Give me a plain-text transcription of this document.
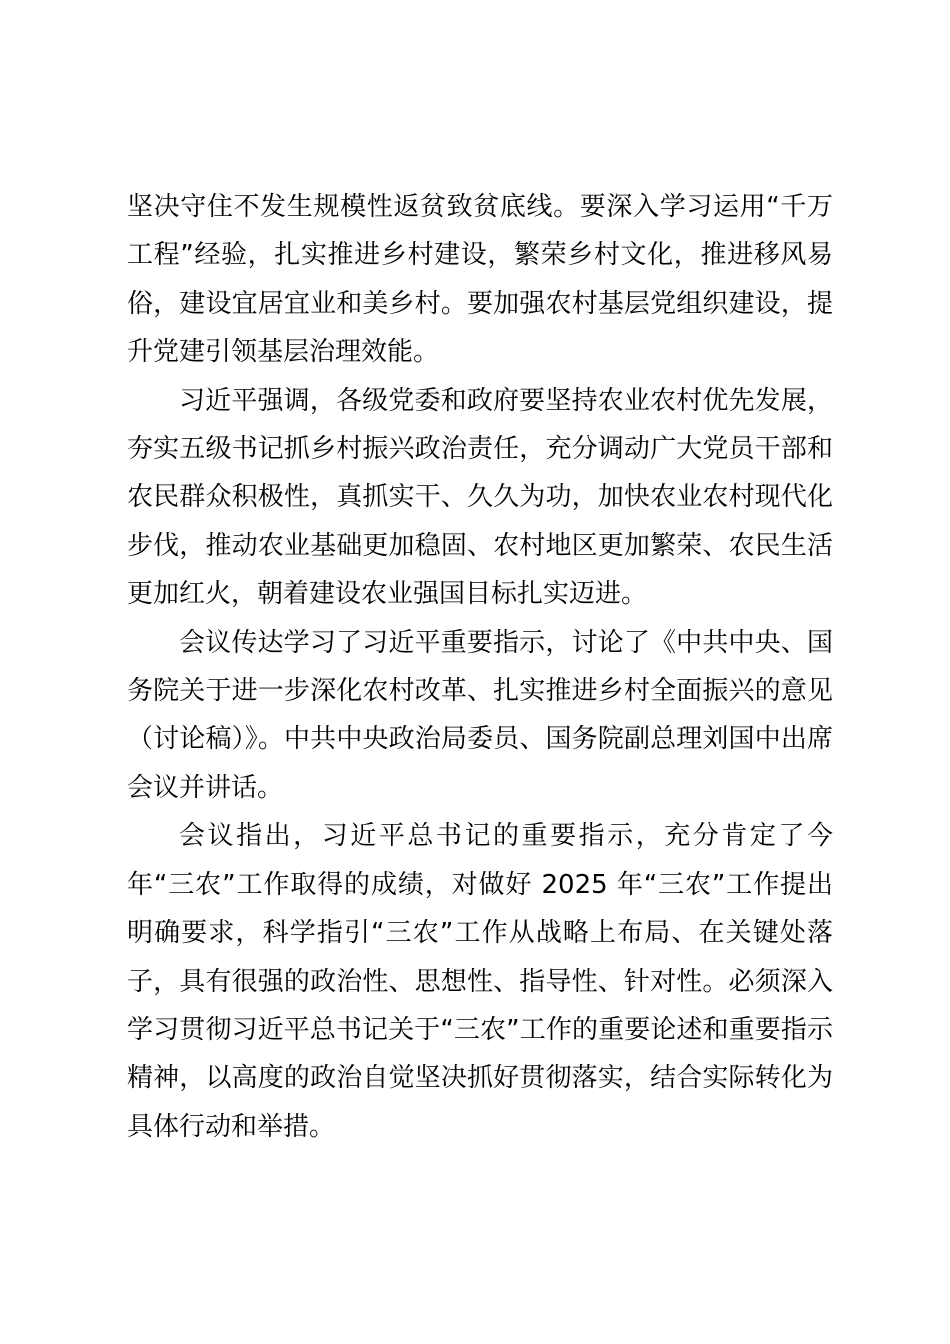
坚决守住不发生规模性返贫致贫底线。要深入学习运用“千万工程”经验，扎实推进乡村建设，繁荣乡村文化，推进移风易俗，建设宜居宜业和美乡村。要加强农村基层党组织建设，提升党建引领基层治理效能。

习近平强调，各级党委和政府要坚持农业农村优先发展，夯实五级书记抓乡村振兴政治责任，充分调动广大党员干部和农民群众积极性，真抓实干、久久为功，加快农业农村现代化步伐，推动农业基础更加稳固、农村地区更加繁荣、农民生活更加红火，朝着建设农业强国目标扎实迈进。

会议传达学习了习近平重要指示，讨论了《中共中央、国务院关于进一步深化农村改革、扎实推进乡村全面振兴的意见（讨论稿）》。中共中央政治局委员、国务院副总理刘国中出席会议并讲话。

会议指出，习近平总书记的重要指示，充分肯定了今年“三农”工作取得的成绩，对做好 2025 年“三农”工作提出明确要求，科学指引“三农”工作从战略上布局、在关键处落子，具有很强的政治性、思想性、指导性、针对性。必须深入学习贯彻习近平总书记关于“三农”工作的重要论述和重要指示精神，以高度的政治自觉坚决抓好贯彻落实，结合实际转化为具体行动和举措。
